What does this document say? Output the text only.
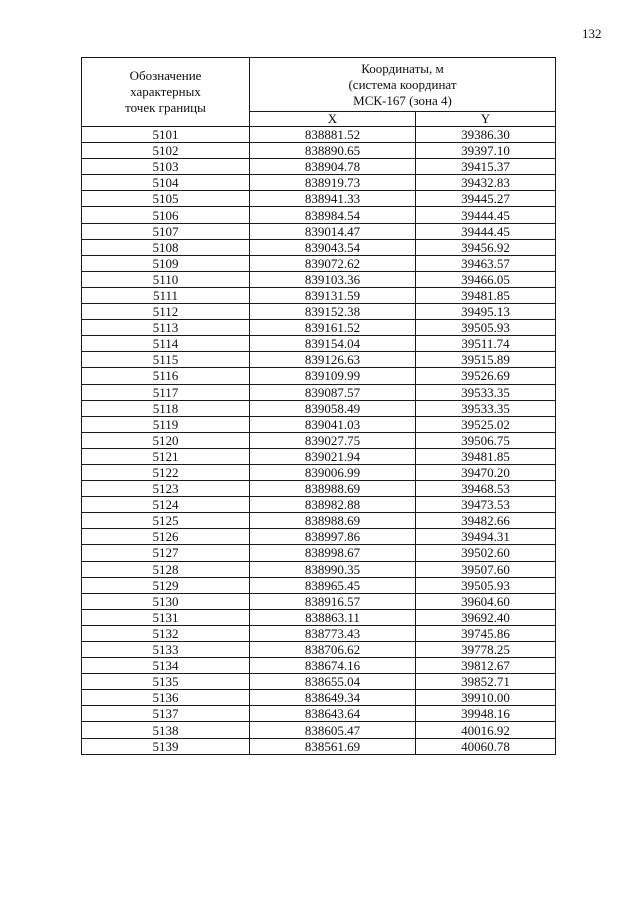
132
Обозначение
характерных
точек границы	Координаты, м
(система координат
МСК-167 (зона 4)	
	X	Y
5101	838881.52	39386.30
5102	838890.65	39397.10
5103	838904.78	39415.37
5104	838919.73	39432.83
5105	838941.33	39445.27
5106	838984.54	39444.45
5107	839014.47	39444.45
5108	839043.54	39456.92
5109	839072.62	39463.57
5110	839103.36	39466.05
5111	839131.59	39481.85
5112	839152.38	39495.13
5113	839161.52	39505.93
5114	839154.04	39511.74
5115	839126.63	39515.89
5116	839109.99	39526.69
5117	839087.57	39533.35
5118	839058.49	39533.35
5119	839041.03	39525.02
5120	839027.75	39506.75
5121	839021.94	39481.85
5122	839006.99	39470.20
5123	838988.69	39468.53
5124	838982.88	39473.53
5125	838988.69	39482.66
5126	838997.86	39494.31
5127	838998.67	39502.60
5128	838990.35	39507.60
5129	838965.45	39505.93
5130	838916.57	39604.60
5131	838863.11	39692.40
5132	838773.43	39745.86
5133	838706.62	39778.25
5134	838674.16	39812.67
5135	838655.04	39852.71
5136	838649.34	39910.00
5137	838643.64	39948.16
5138	838605.47	40016.92
5139	838561.69	40060.78
